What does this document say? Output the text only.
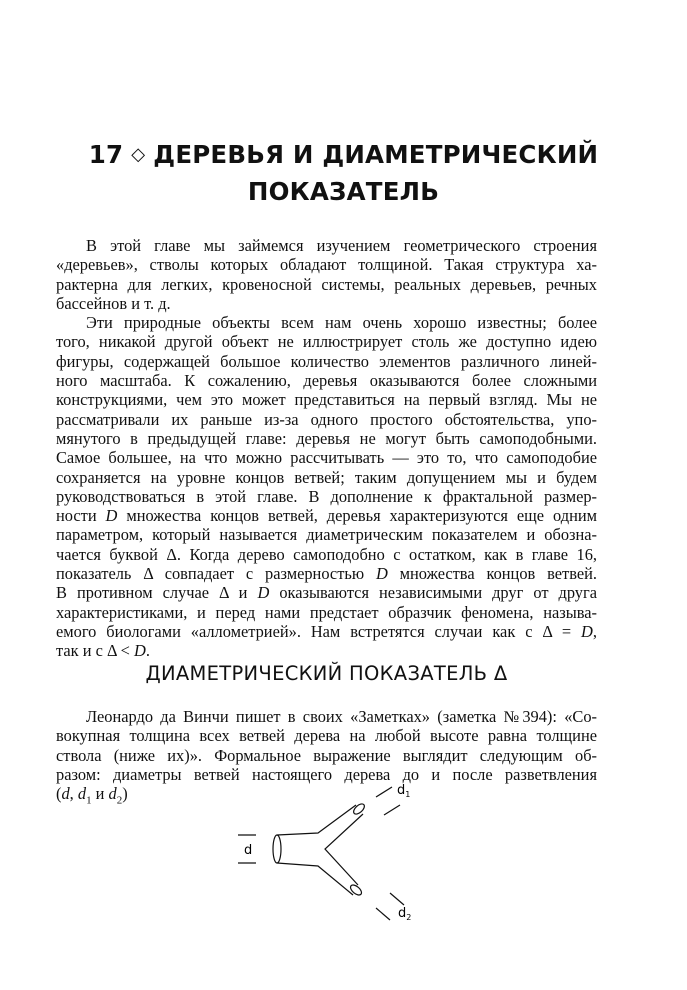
17 ◇ ДЕРЕВЬЯ И ДИАМЕТРИЧЕСКИЙ
ПОКАЗАТЕЛЬ
В этой главе мы займемся изучением геометрического строения
«деревьев», стволы которых обладают толщиной. Такая структура ха-
рактерна для легких, кровеносной системы, реальных деревьев, речных
бассейнов и т. д.
Эти природные объекты всем нам очень хорошо известны; более
того, никакой другой объект не иллюстрирует столь же доступно идею
фигуры, содержащей большое количество элементов различного линей-
ного масштаба. К сожалению, деревья оказываются более сложными
конструкциями, чем это может представиться на первый взгляд. Мы не
рассматривали их раньше из-за одного простого обстоятельства, упо-
мянутого в предыдущей главе: деревья не могут быть самоподобными.
Самое большее, на что можно рассчитывать — это то, что самоподобие
сохраняется на уровне концов ветвей; таким допущением мы и будем
руководствоваться в этой главе. В дополнение к фрактальной размер-
ности D множества концов ветвей, деревья характеризуются еще одним
параметром, который называется диаметрическим показателем и обозна-
чается буквой Δ. Когда дерево самоподобно с остатком, как в главе 16,
показатель Δ совпадает с размерностью D множества концов ветвей.
В противном случае Δ и D оказываются независимыми друг от друга
характеристиками, и перед нами предстает образчик феномена, называ-
емого биологами «аллометрией». Нам встретятся случаи как с Δ = D,
так и с Δ < D.
ДИАМЕТРИЧЕСКИЙ ПОКАЗАТЕЛЬ Δ
Леонардо да Винчи пишет в своих «Заметках» (заметка №394): «Со-
вокупная толщина всех ветвей дерева на любой высоте равна толщине
ствола (ниже их)». Формальное выражение выглядит следующим об-
разом: диаметры ветвей настоящего дерева до и после разветвления
(d, $d_1$ и $d_2$)
d
$d_1$
$d_2$
